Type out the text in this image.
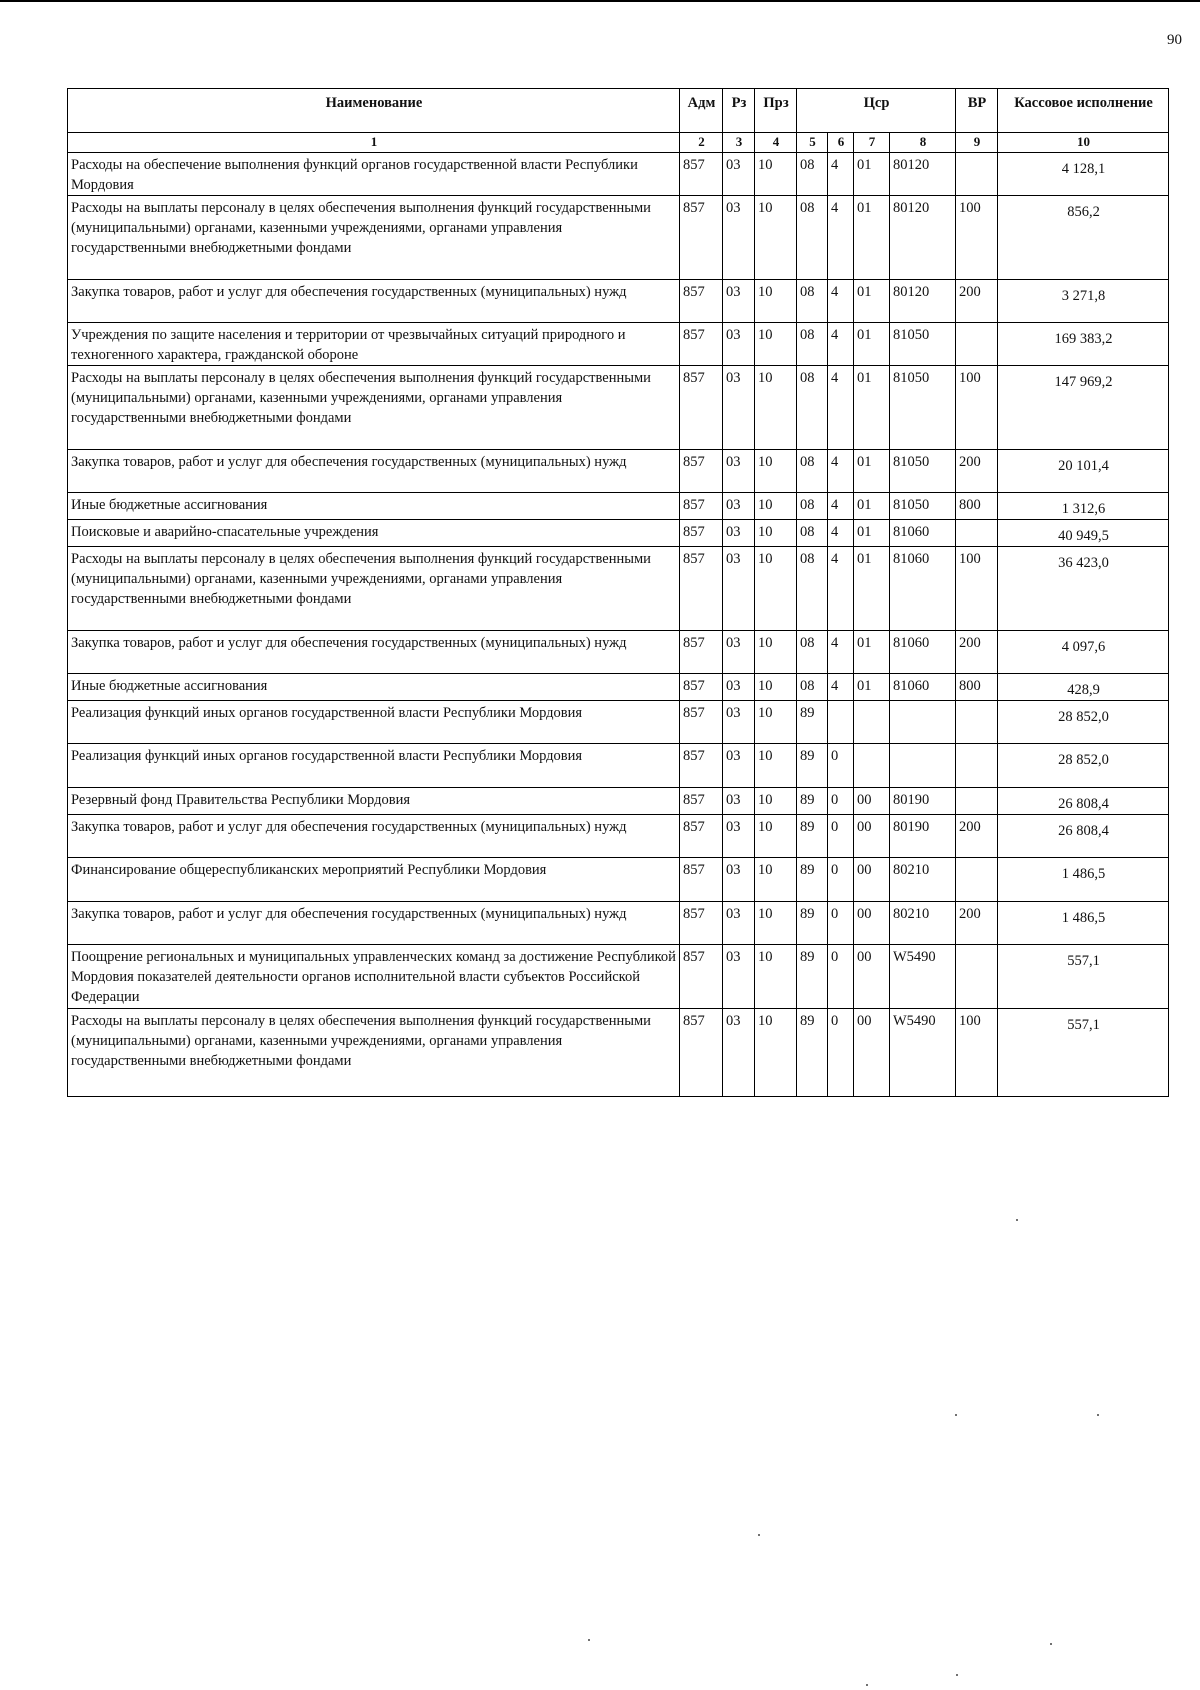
90
Наименование	Адм	Рз	Прз	Цср				ВР	Кассовое исполнение
1	2	3	4	5	6	7	8	9	10
Расходы на обеспечение выполнения функций органов государственной власти Республики Мордовия	857	03	10	08	4	01	80120		4 128,1
Расходы на выплаты персоналу в целях обеспечения выполнения функций государственными (муниципальными) органами, казенными учреждениями, органами управления государственными внебюджетными фондами	857	03	10	08	4	01	80120	100	856,2
Закупка товаров, работ и услуг для обеспечения государственных (муниципальных) нужд	857	03	10	08	4	01	80120	200	3 271,8
Учреждения по защите населения и территории от чрезвычайных ситуаций природного и техногенного характера, гражданской обороне	857	03	10	08	4	01	81050		169 383,2
Расходы на выплаты персоналу в целях обеспечения выполнения функций государственными (муниципальными) органами, казенными учреждениями, органами управления государственными внебюджетными фондами	857	03	10	08	4	01	81050	100	147 969,2
Закупка товаров, работ и услуг для обеспечения государственных (муниципальных) нужд	857	03	10	08	4	01	81050	200	20 101,4
Иные бюджетные ассигнования	857	03	10	08	4	01	81050	800	1 312,6
Поисковые и аварийно-спасательные учреждения	857	03	10	08	4	01	81060		40 949,5
Расходы на выплаты персоналу в целях обеспечения выполнения функций государственными (муниципальными) органами, казенными учреждениями, органами управления государственными внебюджетными фондами	857	03	10	08	4	01	81060	100	36 423,0
Закупка товаров, работ и услуг для обеспечения государственных (муниципальных) нужд	857	03	10	08	4	01	81060	200	4 097,6
Иные бюджетные ассигнования	857	03	10	08	4	01	81060	800	428,9
Реализация функций иных органов государственной власти Республики Мордовия	857	03	10	89					28 852,0
Реализация функций иных органов государственной власти Республики Мордовия	857	03	10	89	0				28 852,0
Резервный фонд Правительства Республики Мордовия	857	03	10	89	0	00	80190		26 808,4
Закупка товаров, работ и услуг для обеспечения государственных (муниципальных) нужд	857	03	10	89	0	00	80190	200	26 808,4
Финансирование общереспубликанских мероприятий Республики Мордовия	857	03	10	89	0	00	80210		1 486,5
Закупка товаров, работ и услуг для обеспечения государственных (муниципальных) нужд	857	03	10	89	0	00	80210	200	1 486,5
Поощрение региональных и муниципальных управленческих команд за достижение Республикой Мордовия показателей деятельности органов исполнительной власти субъектов Российской Федерации	857	03	10	89	0	00	W5490		557,1
Расходы на выплаты персоналу в целях обеспечения выполнения функций государственными (муниципальными) органами, казенными учреждениями, органами управления государственными внебюджетными фондами	857	03	10	89	0	00	W5490	100	557,1
